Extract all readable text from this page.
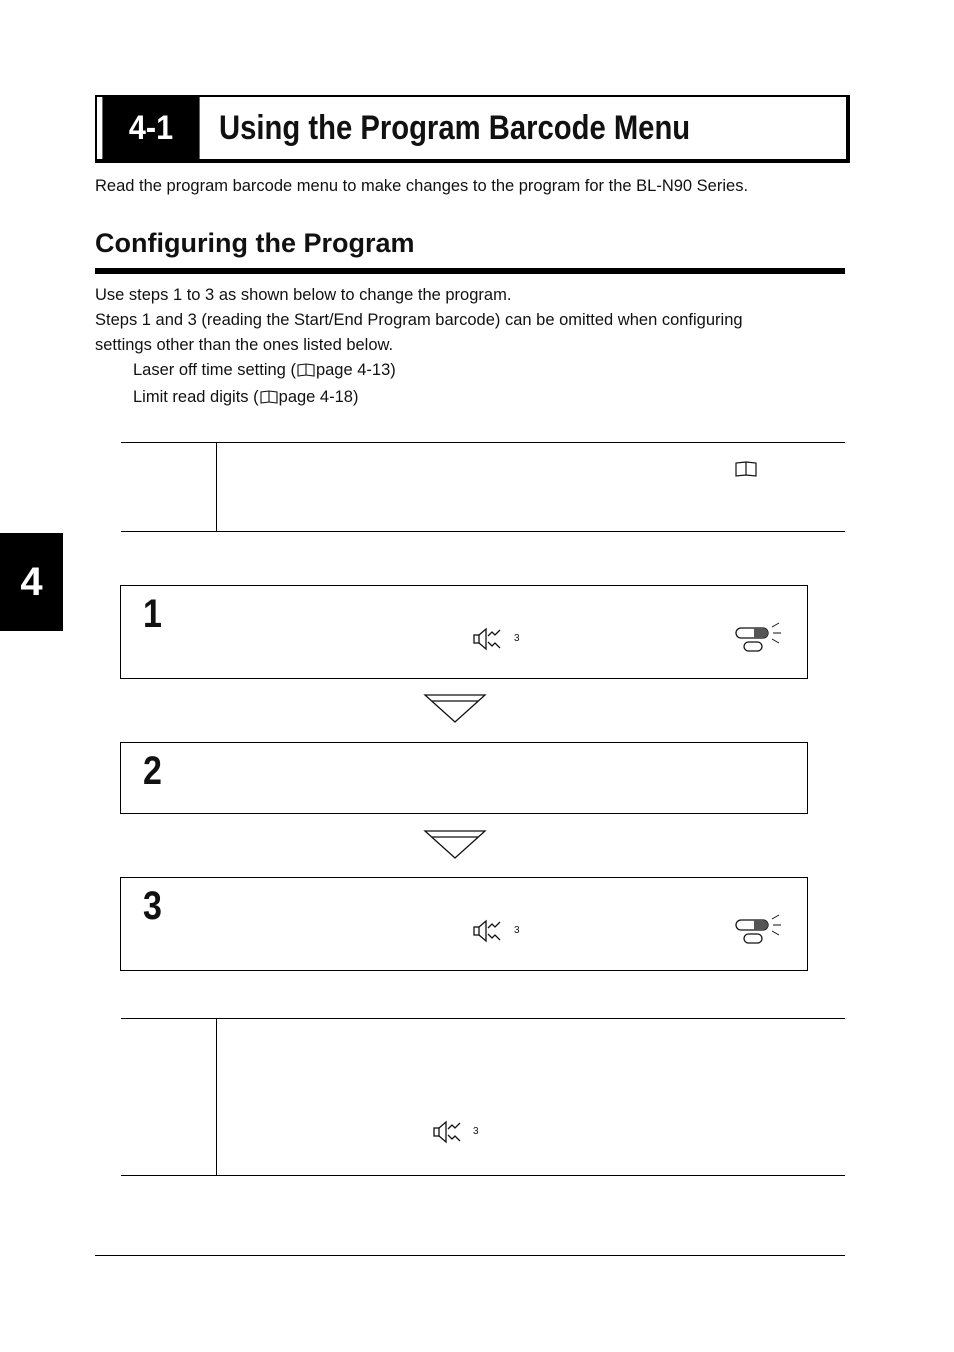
4-1	Using the Program Barcode Menu
Read the program barcode menu to make changes to the program for the BL-N90 Series.
Configuring the Program
Use steps 1 to 3 as shown below to change the program.
Steps 1 and 3 (reading the Start/End Program barcode) can be omitted when configuring
settings other than the ones listed below.
Laser off time setting ( page 4-13)
Limit read digits ( page 4-18)
4
1
3
2
3
3
3
